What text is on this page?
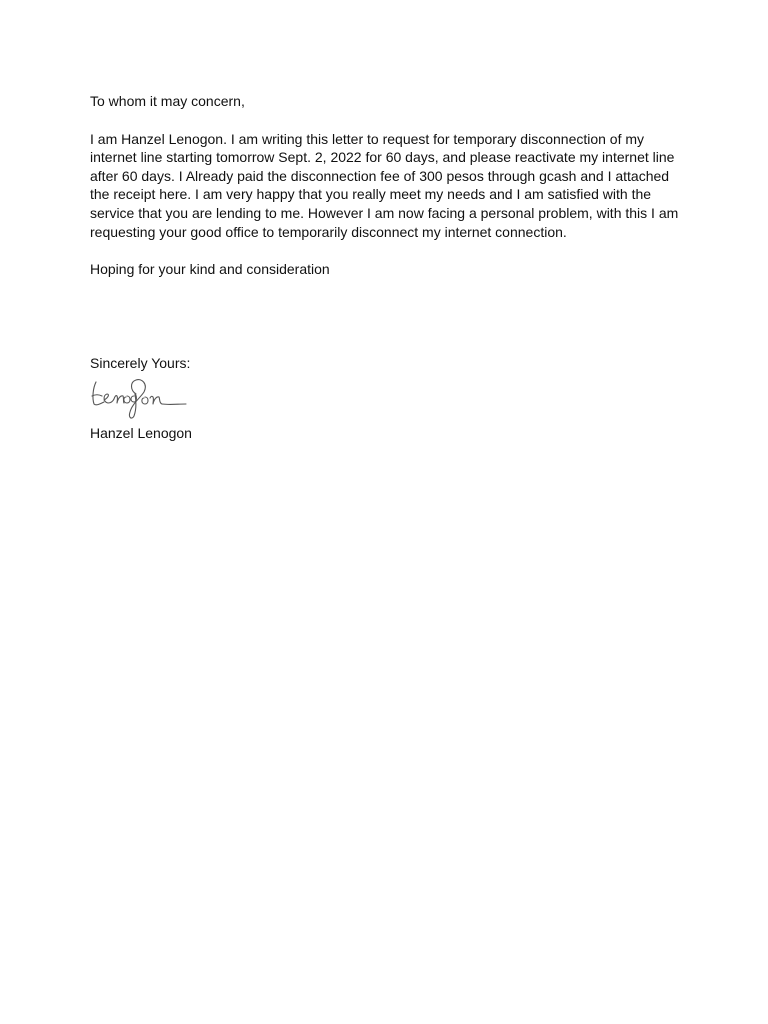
To whom it may concern,

I am Hanzel Lenogon. I am writing this letter to request for temporary disconnection of my internet line starting tomorrow Sept. 2, 2022 for 60 days, and please reactivate my internet line after 60 days. I Already paid the disconnection fee of 300 pesos through gcash and I attached the receipt here. I am very happy that you really meet my needs and I am satisfied with the service that you are lending to me. However I am now facing a personal problem, with this I am requesting your good office to temporarily disconnect my internet connection.

Hoping for your kind and consideration

Sincerely Yours:

Hanzel Lenogon
